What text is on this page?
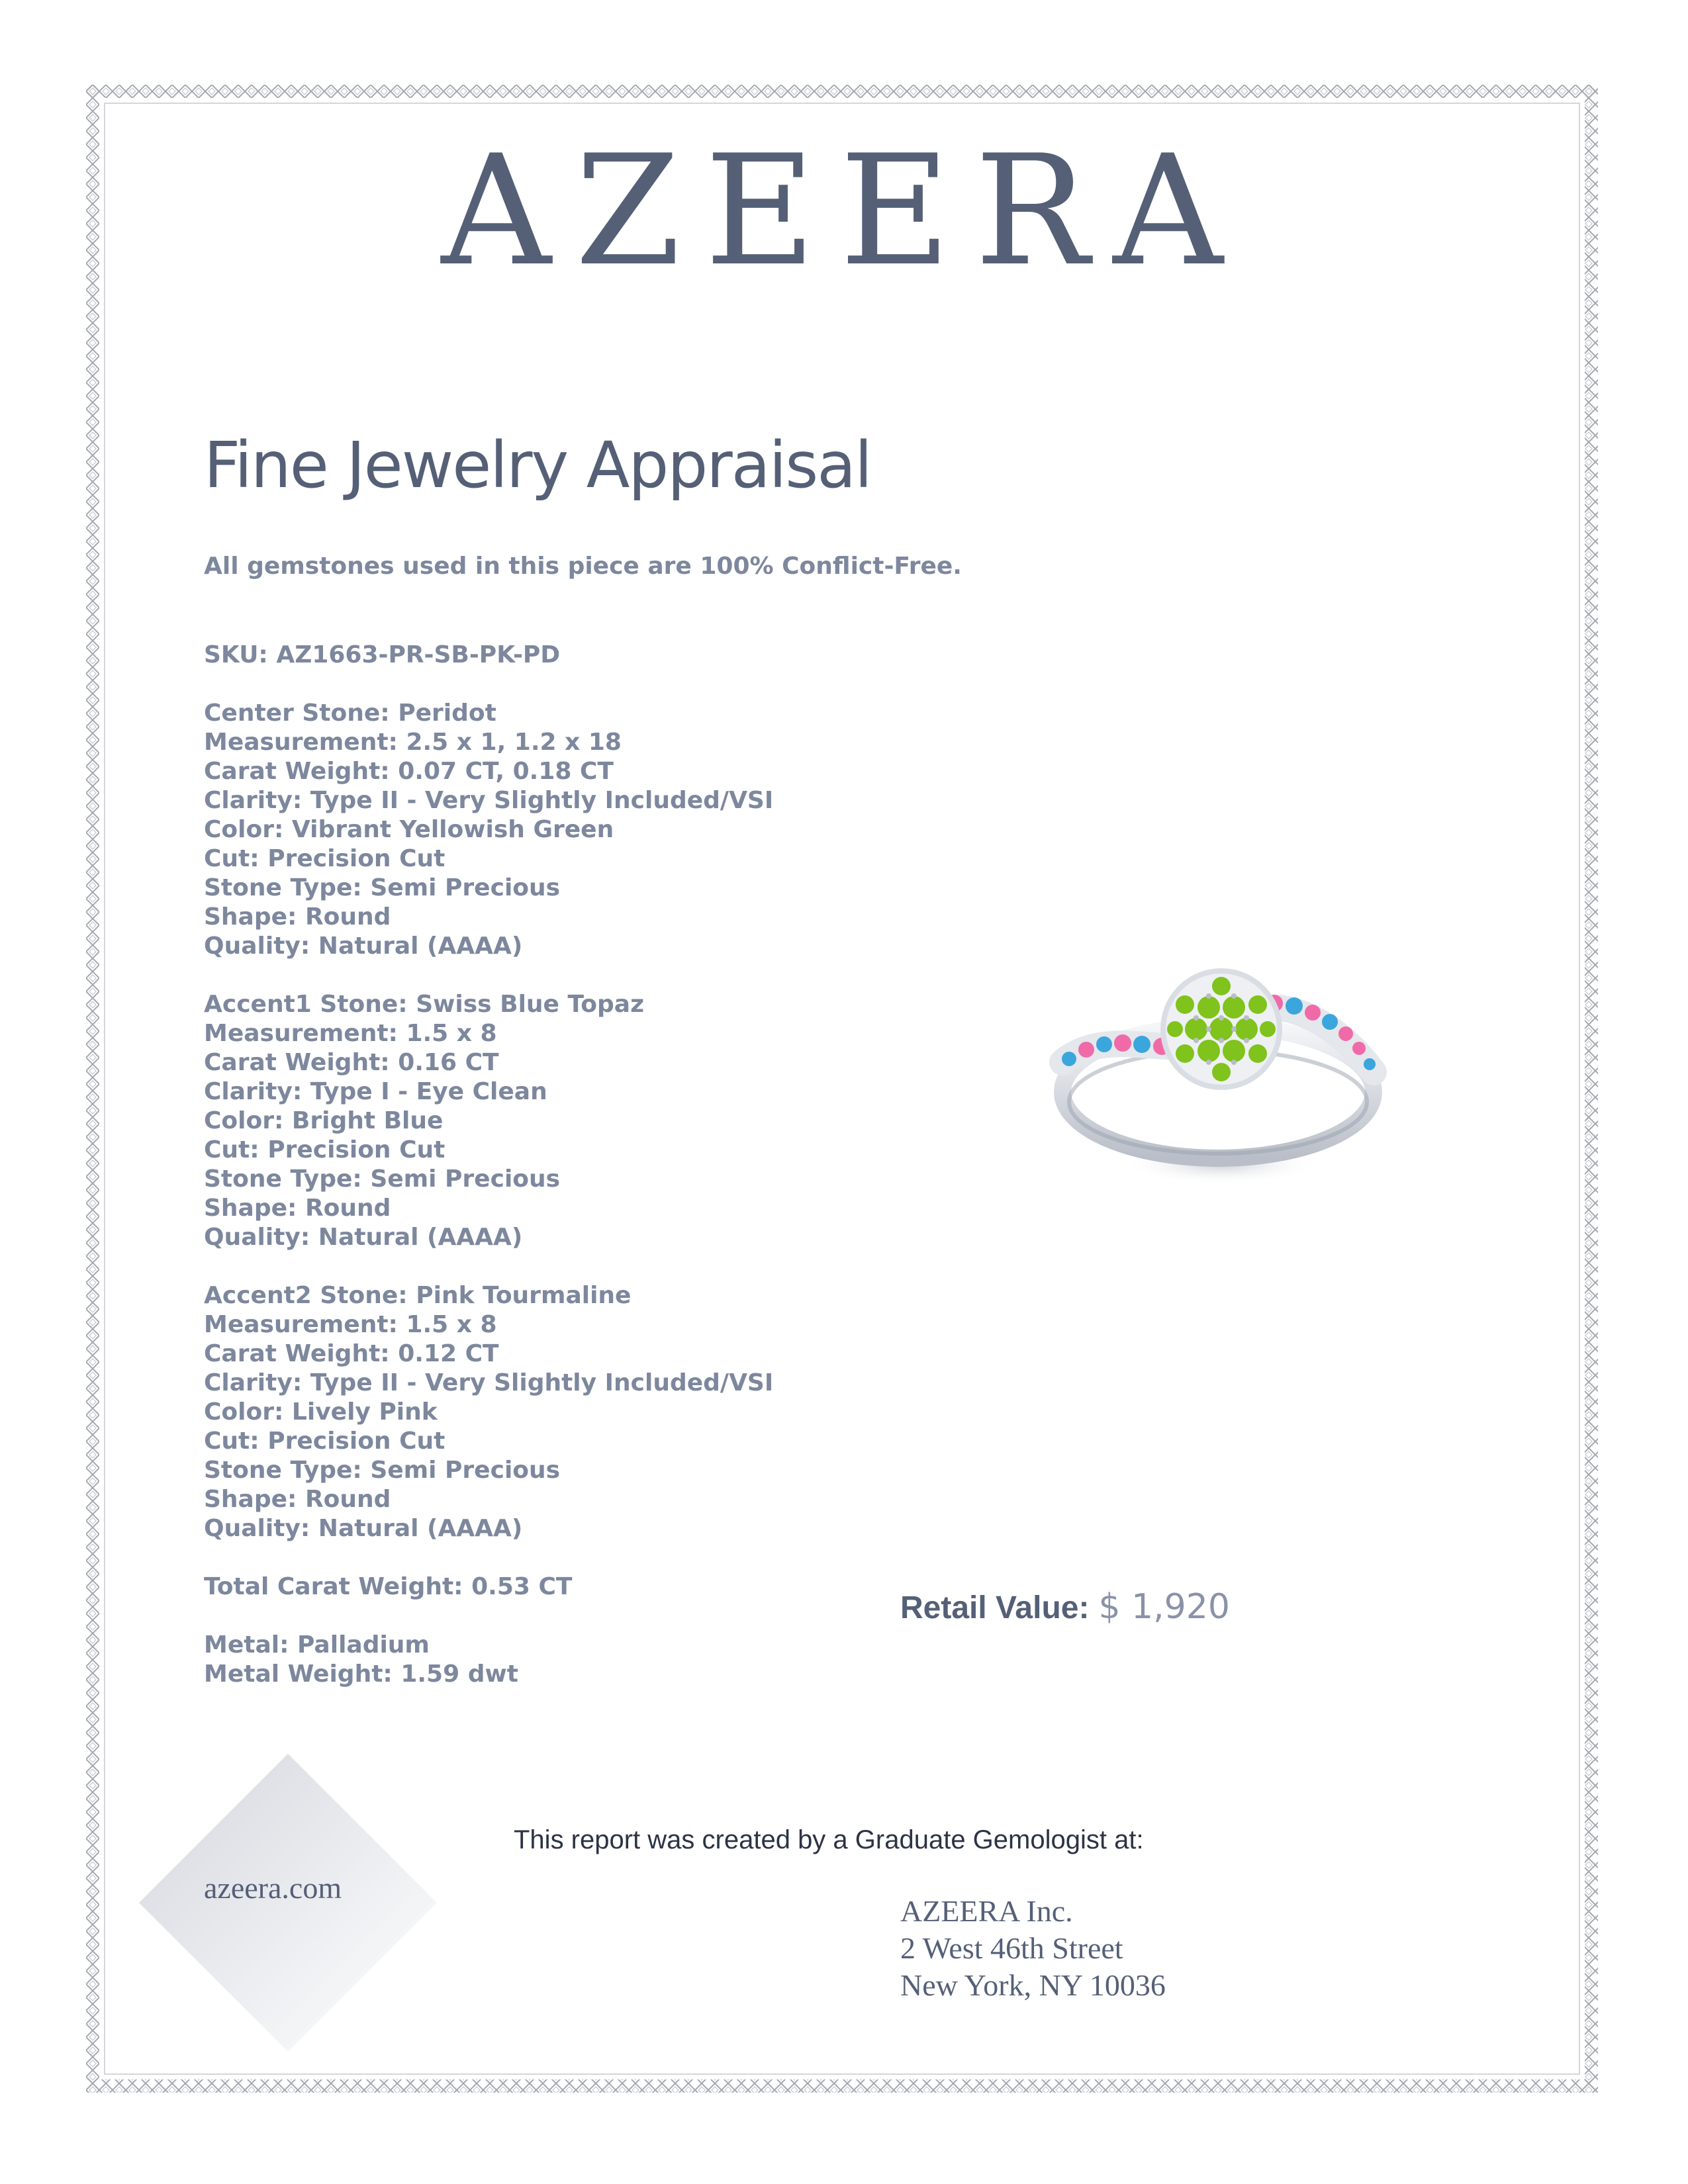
AZEERA
Fine Jewelry Appraisal
All gemstones used in this piece are 100% Conflict-Free.
SKU: AZ1663-PR-SB-PK-PD
Center Stone: Peridot
Measurement: 2.5 x 1, 1.2 x 18
Carat Weight: 0.07 CT, 0.18 CT
Clarity: Type II - Very Slightly Included/VSI
Color: Vibrant Yellowish Green
Cut: Precision Cut
Stone Type: Semi Precious
Shape: Round
Quality: Natural (AAAA)
Accent1 Stone: Swiss Blue Topaz
Measurement: 1.5 x 8
Carat Weight: 0.16 CT
Clarity: Type I - Eye Clean
Color: Bright Blue
Cut: Precision Cut
Stone Type: Semi Precious
Shape: Round
Quality: Natural (AAAA)
Accent2 Stone: Pink Tourmaline
Measurement: 1.5 x 8
Carat Weight: 0.12 CT
Clarity: Type II - Very Slightly Included/VSI
Color: Lively Pink
Cut: Precision Cut
Stone Type: Semi Precious
Shape: Round
Quality: Natural (AAAA)
Total Carat Weight: 0.53 CT
Metal: Palladium
Metal Weight: 1.59 dwt
Retail Value: $ 1,920
azeera.com
This report was created by a Graduate Gemologist at:
AZEERA Inc.
2 West 46th Street
New York, NY 10036
